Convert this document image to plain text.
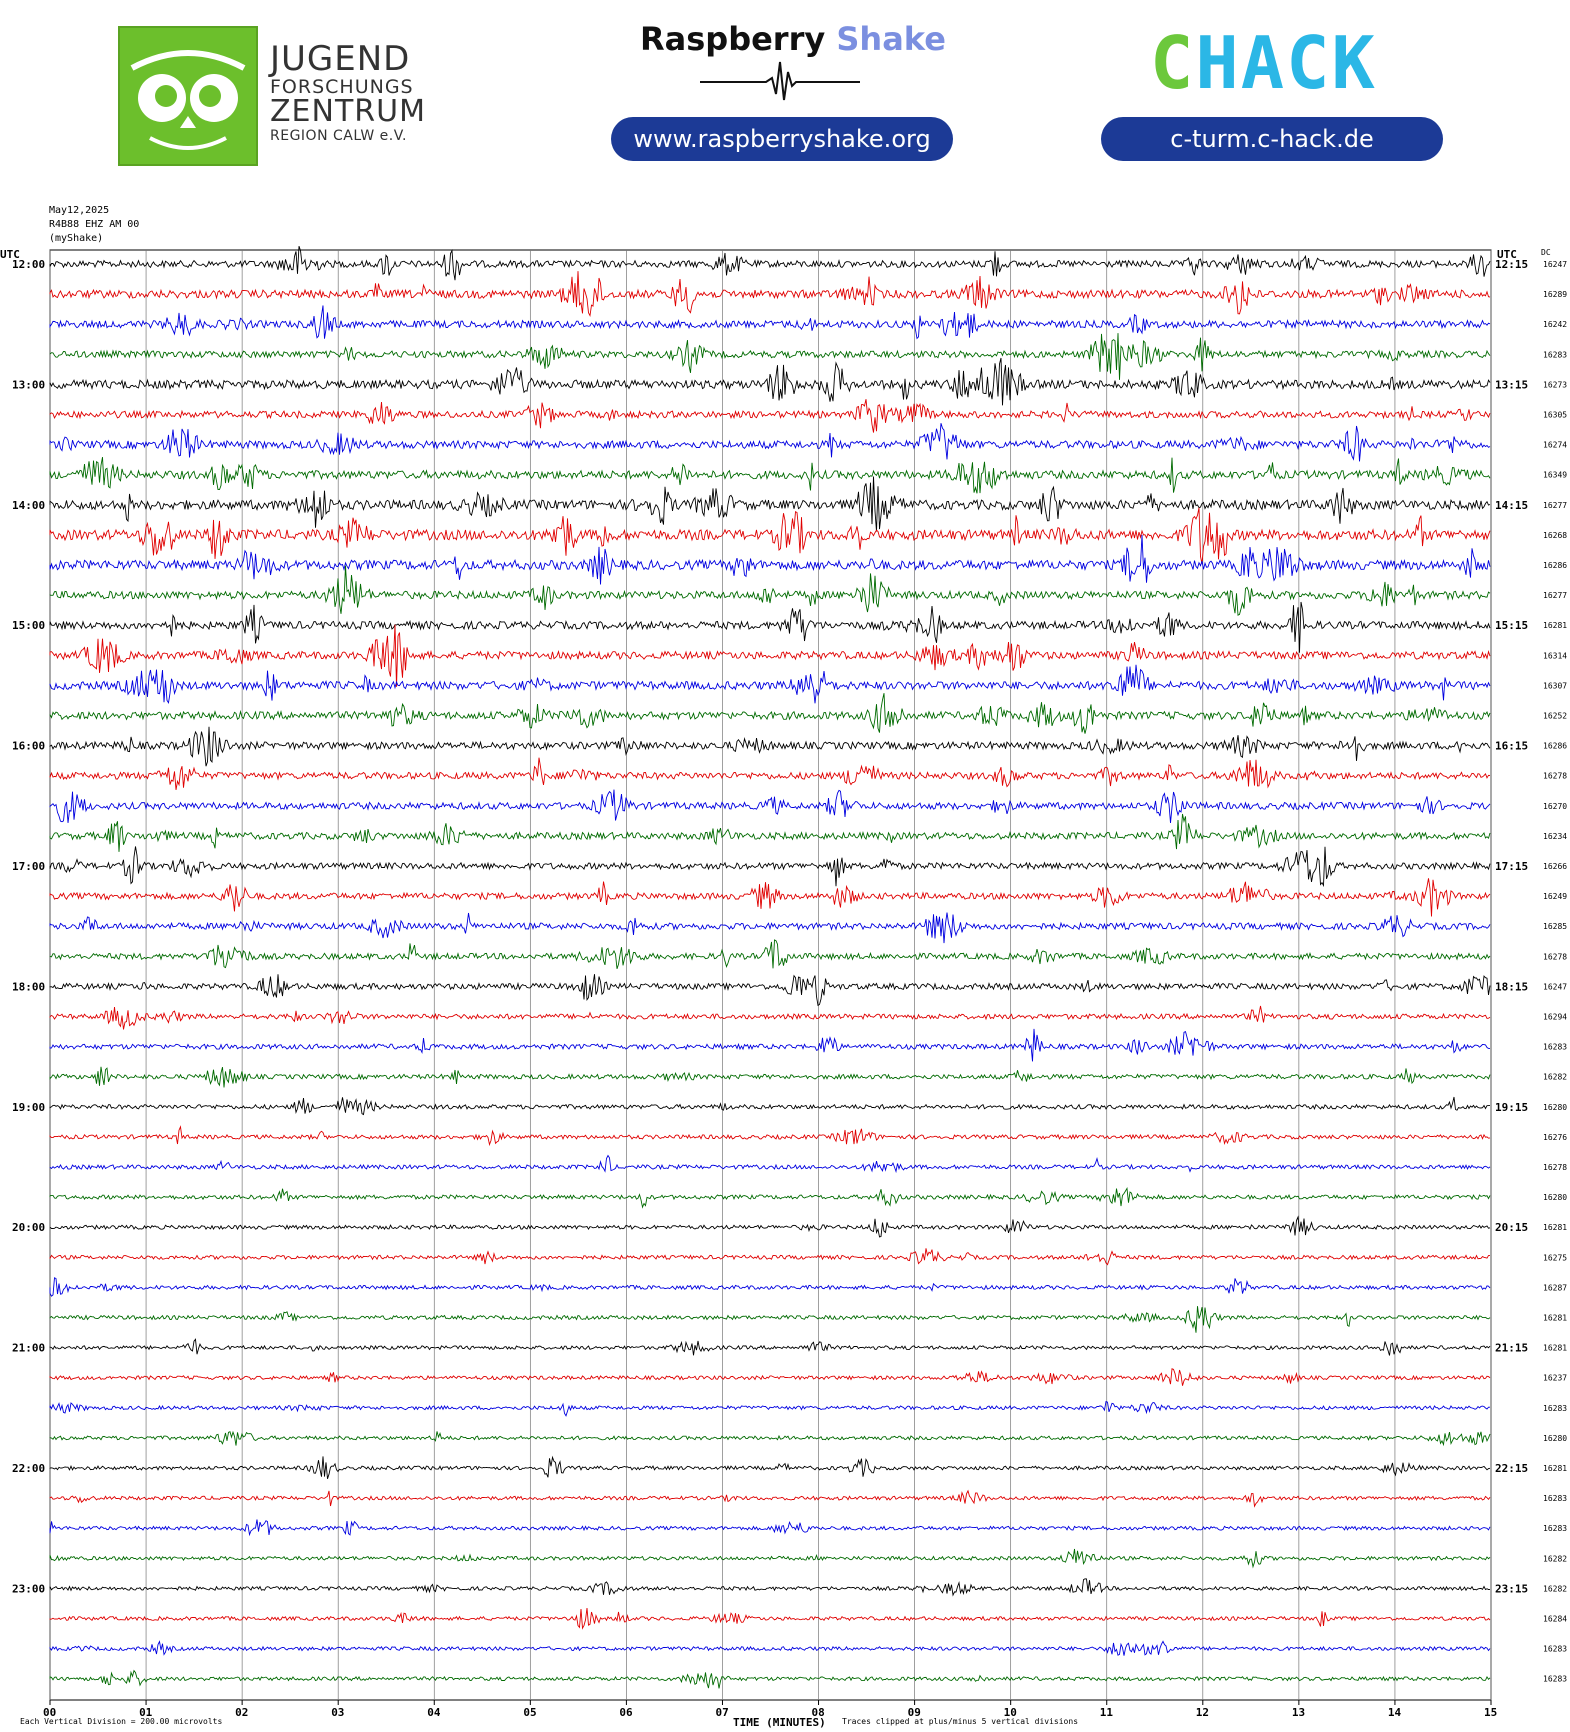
JUGEND
FORSCHUNGS
ZENTRUM
REGION CALW e.V.
Raspberry Shake
www.raspberryshake.org
CHACK
c-turm.c-hack.de
May12,2025
R4B88 EHZ AM 00
(myShake)
UTC	UTC	DC
12:00
13:00
14:00
15:00
16:00
17:00
18:00
19:00
20:00
21:00
22:00
23:00
12:15
13:15
14:15
15:15
16:15
17:15
18:15
19:15
20:15
21:15
22:15
23:15
16247
16289
16242
16283
16273
16305
16274
16349
16277
16268
16286
16277
16281
16314
16307
16252
16286
16278
16270
16234
16266
16249
16285
16278
16247
16294
16283
16282
16280
16276
16278
16280
16281
16275
16287
16281
16281
16237
16283
16280
16281
16283
16283
16282
16282
16284
16283
16283
00	01	02	03	04	05	06	07	08	09	10	11	12	13	14	15
TIME (MINUTES)
Each Vertical Division = 200.00 microvolts	Traces clipped at plus/minus 5 vertical divisions
